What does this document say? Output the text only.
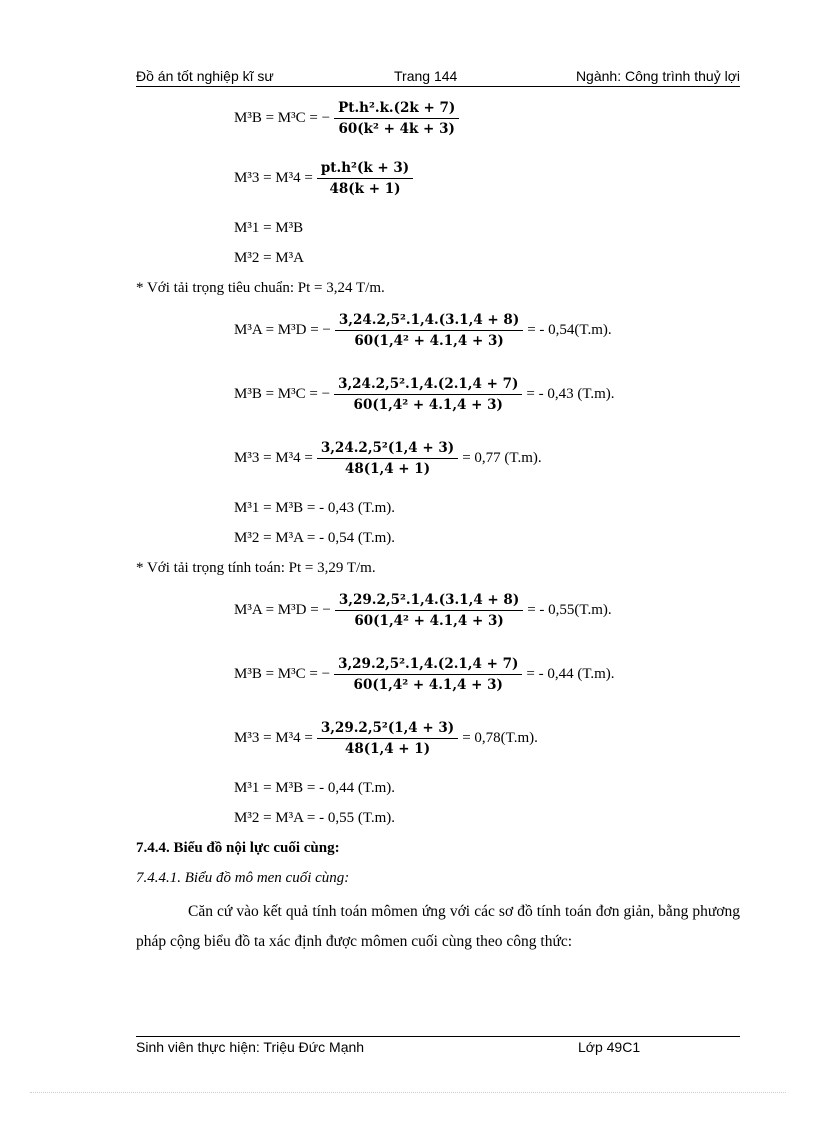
Đồ án tốt nghiệp kĩ sư	Trang 144	Ngành: Công trình thuỷ lợi
M³B = M³C = − $\frac{\text{Pt.h².k.(2k + 7)}}{\text{60(k² + 4k + 3)}}$
$M^33 = M^34 = \frac{\text{pt.h²(k + 3)}}{48(k + 1)}$
M³1 = M³B
M³2 = M³A
* Với tải trọng tiêu chuẩn: Pt = 3,24 T/m.
M³A = M³D = − $\frac{\text{3,24.2,5².1,4.(3.1,4 + 8)}}{\text{60(1,4² + 4.1,4 + 3)}}$ = - 0,54(T.m).
M³B = M³C = − $\frac{\text{3,24.2,5².1,4.(2.1,4 + 7)}}{\text{60(1,4² + 4.1,4 + 3)}}$ = - 0,43 (T.m).
$M^33 = M^34 = \frac{\text{3,24.2,5²(1,4 + 3)}}{48(1,4 + 1)} = 0,77$ (T.m).
M³1 = M³B = - 0,43 (T.m).
M³2 = M³A = - 0,54 (T.m).
* Với tải trọng tính toán: Pt = 3,29 T/m.
M³A = M³D = − $\frac{\text{3,29.2,5².1,4.(3.1,4 + 8)}}{\text{60(1,4² + 4.1,4 + 3)}}$ = - 0,55(T.m).
M³B = M³C = − $\frac{\text{3,29.2,5².1,4.(2.1,4 + 7)}}{\text{60(1,4² + 4.1,4 + 3)}}$ = - 0,44 (T.m).
$M^33 = M^34 = \frac{\text{3,29.2,5²(1,4 + 3)}}{48(1,4 + 1)} = 0,78(T.m)$.
M³1 = M³B = - 0,44 (T.m).
M³2 = M³A = - 0,55 (T.m).
7.4.4. Biểu đồ nội lực cuối cùng:
7.4.4.1. Biểu đồ mô men cuối cùng:
Căn cứ vào kết quả tính toán mômen ứng với các sơ đồ tính toán đơn giản, bằng phương pháp cộng biểu đồ ta xác định được mômen cuối cùng theo công thức:
Sinh viên thực hiện: Triệu Đức Mạnh	Lớp 49C1
